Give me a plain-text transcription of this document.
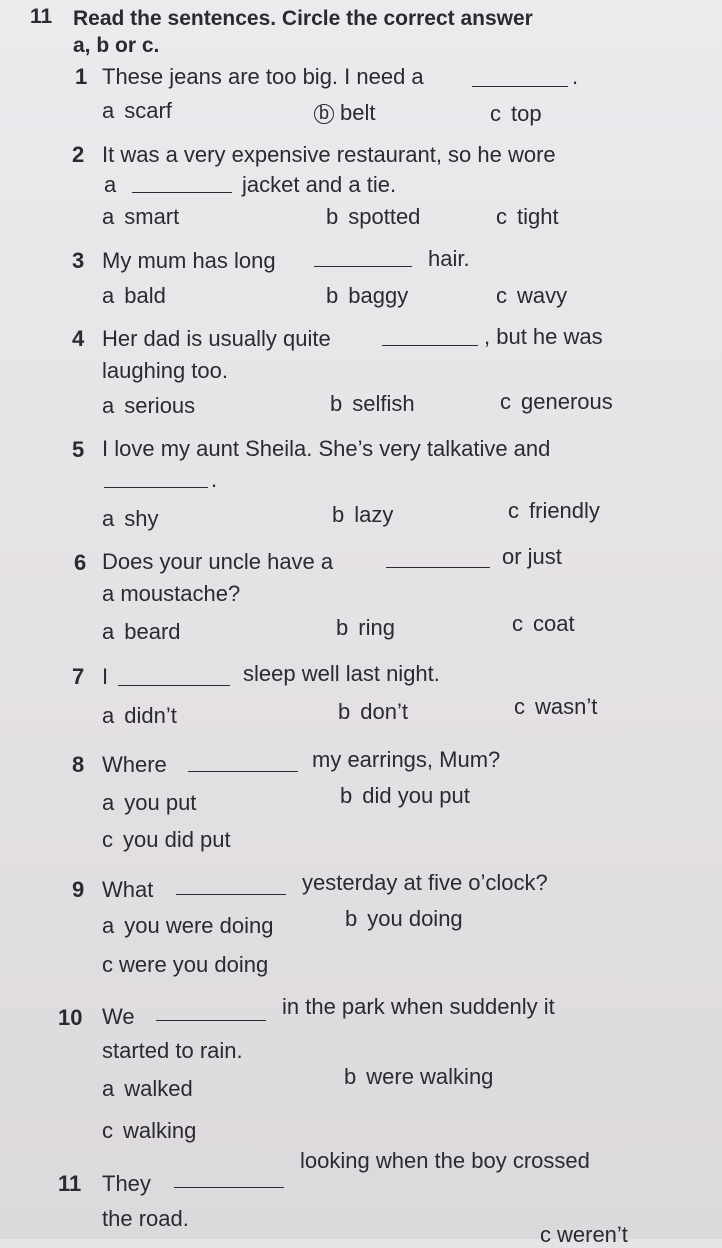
11 Read the sentences. Circle the correct answer
a, b or c.
1 These jeans are too big. I need a	.
a scarf	b belt	c top
2 It was a very expensive restaurant, so he wore
a	jacket and a tie.
a smart	b spotted	c tight
3 My mum has long	hair.
a bald	b baggy	c wavy
4 Her dad is usually quite	, but he was
laughing too.
a serious	b selfish	c generous
5 I love my aunt Sheila. She’s very talkative and
.
a shy	b lazy	c friendly
6 Does your uncle have a	or just
a moustache?
a beard	b ring	c coat
7 I	sleep well last night.
a didn’t	b don’t	c wasn’t
8 Where	my earrings, Mum?
a you put	b did you put
c you did put
9 What	yesterday at five o’clock?
a you were doing	b you doing
c were you doing
10 We	in the park when suddenly it
started to rain.
a walked	b were walking
c walking
11 They
looking when the boy crossed
the road.
c weren’t
